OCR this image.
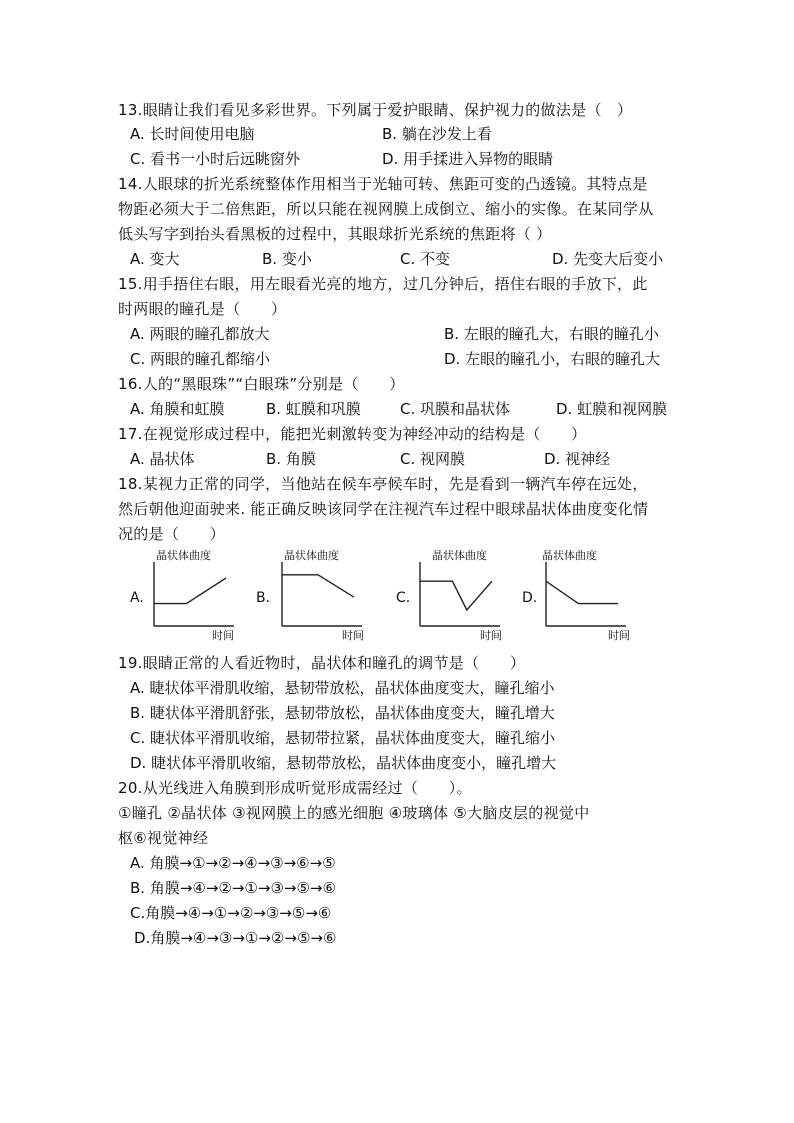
13.眼睛让我们看见多彩世界。下列属于爱护眼睛、保护视力的做法是（　）
A. 长时间使用电脑	B. 躺在沙发上看
C. 看书一小时后远眺窗外	D. 用手揉进入异物的眼睛
14.人眼球的折光系统整体作用相当于光轴可转、焦距可变的凸透镜。其特点是
物距必须大于二倍焦距，所以只能在视网膜上成倒立、缩小的实像。在某同学从
低头写字到抬头看黑板的过程中，其眼球折光系统的焦距将（ ）
A. 变大	B. 变小	C. 不变	D. 先变大后变小
15.用手捂住右眼，用左眼看光亮的地方，过几分钟后，捂住右眼的手放下，此
时两眼的瞳孔是（　　）
A. 两眼的瞳孔都放大	B. 左眼的瞳孔大，右眼的瞳孔小
C. 两眼的瞳孔都缩小	D. 左眼的瞳孔小，右眼的瞳孔大
16.人的“黑眼珠”“白眼珠”分别是（　　）
A. 角膜和虹膜	B. 虹膜和巩膜	C. 巩膜和晶状体	D. 虹膜和视网膜
17.在视觉形成过程中，能把光刺激转变为神经冲动的结构是（　　）
A. 晶状体	B. 角膜	C. 视网膜	D. 视神经
18.某视力正常的同学，当他站在候车亭候车时，先是看到一辆汽车停在远处，
然后朝他迎面驶来. 能正确反映该同学在注视汽车过程中眼球晶状体曲度变化情
况的是（　　）
A.
晶状体曲度
时间
B.
晶状体曲度
时间
C.
晶状体曲度
时间
D.
晶状体曲度
时间
19.眼睛正常的人看近物时，晶状体和瞳孔的调节是（　　）
A. 睫状体平滑肌收缩，悬韧带放松，晶状体曲度变大，瞳孔缩小
B. 睫状体平滑肌舒张，悬韧带放松，晶状体曲度变大，瞳孔增大
C. 睫状体平滑肌收缩，悬韧带拉紧，晶状体曲度变大，瞳孔缩小
D. 睫状体平滑肌收缩，悬韧带放松，晶状体曲度变小，瞳孔增大
20.从光线进入角膜到形成听觉形成需经过（　　）。
①瞳孔 ②晶状体 ③视网膜上的感光细胞 ④玻璃体 ⑤大脑皮层的视觉中
枢⑥视觉神经
A. 角膜→①→②→④→③→⑥→⑤
B. 角膜→④→②→①→③→⑤→⑥
C.角膜→④→①→②→③→⑤→⑥
D.角膜→④→③→①→②→⑤→⑥
